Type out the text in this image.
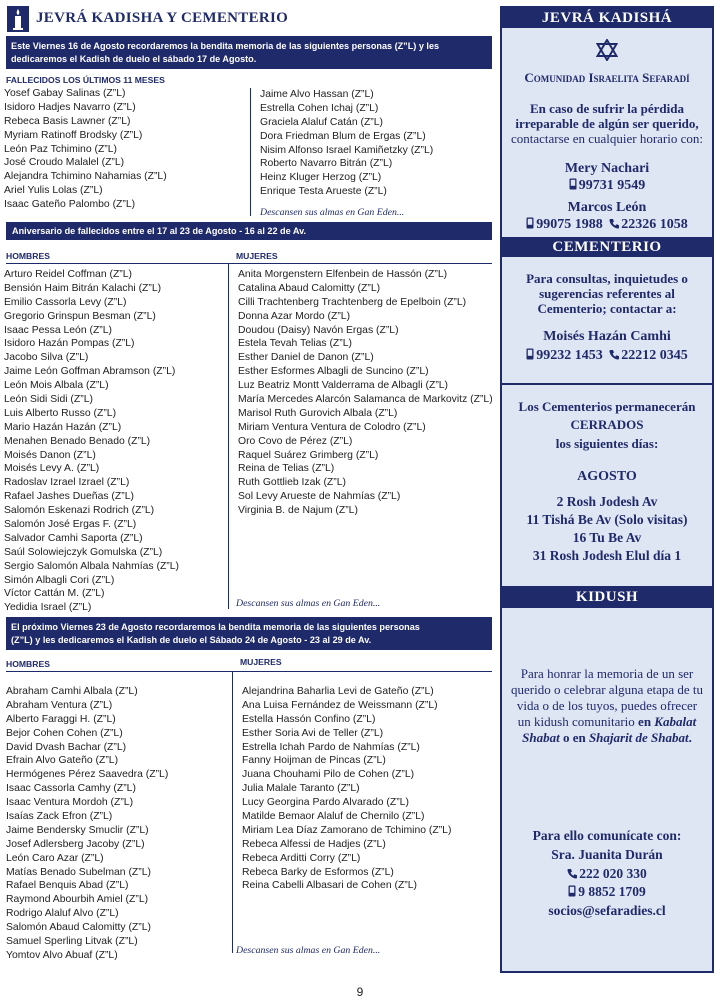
JEVRÁ KADISHA Y CEMENTERIO
Este Viernes 16 de Agosto recordaremos la bendita memoria de las siguientes personas (Z”L) y les
dedicaremos el Kadish de duelo el sábado 17 de Agosto.
FALLECIDOS LOS ÚLTIMOS 11 MESES
Yosef Gabay Salinas (Z”L)
Isidoro Hadjes Navarro (Z”L)
Rebeca Basis Lawner (Z”L)
Myriam Ratinoff Brodsky (Z”L)
León Paz Tchimino (Z”L)
José Croudo Malalel (Z”L)
Alejandra Tchimino Nahamias (Z”L)
Ariel Yulis Lolas (Z”L)
Isaac Gateño Palombo (Z”L)
Jaime Alvo Hassan (Z”L)
Estrella Cohen Ichaj (Z”L)
Graciela Alaluf Catán (Z”L)
Dora Friedman Blum de Ergas (Z”L)
Nisim Alfonso Israel Kamiñetzky (Z”L)
Roberto Navarro Bitrán (Z”L)
Heinz Kluger Herzog (Z”L)
Enrique Testa Arueste (Z”L)
Descansen sus almas en Gan Eden...
Aniversario de fallecidos entre el 17 al 23 de Agosto - 16 al 22 de Av.
HOMBRES	MUJERES
Arturo Reidel Coffman (Z”L)
Bensión Haim Bitrán Kalachi (Z”L)
Emilio Cassorla Levy (Z”L)
Gregorio Grinspun Besman (Z”L)
Isaac Pessa León (Z”L)
Isidoro Hazán Pompas (Z”L)
Jacobo Silva (Z”L)
Jaime León Goffman Abramson (Z”L)
León Mois Albala (Z”L)
León Sidi Sidi (Z”L)
Luis Alberto Russo (Z”L)
Mario Hazán Hazán (Z”L)
Menahen Benado Benado (Z”L)
Moisés Danon (Z”L)
Moisés Levy A. (Z”L)
Radoslav Izrael Izrael (Z”L)
Rafael Jashes Dueñas (Z”L)
Salomón Eskenazi Rodrich (Z”L)
Salomón José Ergas F. (Z”L)
Salvador Camhi Saporta (Z”L)
Saúl Solowiejczyk Gomulska (Z”L)
Sergio Salomón Albala Nahmías (Z”L)
Simón Albagli Cori (Z”L)
Víctor Cattán M. (Z”L)
Yedidia Israel (Z”L)
Anita Morgenstern Elfenbein de Hassón (Z”L)
Catalina Abaud Calomitty (Z”L)
Cilli Trachtenberg Trachtenberg de Epelboin (Z”L)
Donna Azar Mordo (Z”L)
Doudou (Daisy) Navón Ergas (Z”L)
Estela Tevah Telias (Z”L)
Esther Daniel de Danon (Z”L)
Esther Esformes Albagli de Suncino (Z”L)
Luz Beatriz Montt Valderrama de Albagli (Z”L)
María Mercedes Alarcón Salamanca de Markovitz (Z”L)
Marisol Ruth Gurovich Albala (Z”L)
Miriam Ventura Ventura de Colodro (Z”L)
Oro Covo de Pérez (Z”L)
Raquel Suárez Grimberg (Z”L)
Reina de Telias (Z”L)
Ruth Gottlieb Izak (Z”L)
Sol Levy Arueste de Nahmías (Z”L)
Virginia B. de Najum (Z”L)
Descansen sus almas en Gan Eden...
El próximo Viernes 23 de Agosto recordaremos la bendita memoria de las siguientes personas
(Z”L) y les dedicaremos el Kadish de duelo el Sábado 24 de Agosto - 23 al 29 de Av.
HOMBRES	MUJERES
Abraham Camhi Albala (Z”L)
Abraham Ventura (Z”L)
Alberto Faraggi H. (Z”L)
Bejor Cohen Cohen (Z”L)
David Dvash Bachar (Z”L)
Efrain Alvo Gateño (Z”L)
Hermógenes Pérez Saavedra (Z”L)
Isaac Cassorla Camhy (Z”L)
Isaac Ventura Mordoh (Z”L)
Isaías Zack Efron (Z”L)
Jaime Bendersky Smuclir (Z”L)
Josef Adlersberg Jacoby (Z”L)
León Caro Azar (Z”L)
Matías Benado Subelman (Z”L)
Rafael Benquis Abad (Z”L)
Raymond Abourbih Amiel (Z”L)
Rodrigo Alaluf Alvo (Z”L)
Salomón Abaud Calomitty (Z”L)
Samuel Sperling Litvak (Z”L)
Yomtov Alvo Abuaf (Z”L)
Alejandrina Baharlia Levi de Gateño (Z”L)
Ana Luisa Fernández de Weissmann (Z”L)
Estella Hassón Confino (Z”L)
Esther Soria Avi de Teller (Z”L)
Estrella Ichah Pardo de Nahmías (Z”L)
Fanny Hoijman de Pincas (Z”L)
Juana Chouhami Pilo de Cohen (Z”L)
Julia Malale Taranto (Z”L)
Lucy Georgina Pardo Alvarado (Z”L)
Matilde Bemaor Alaluf de Chernilo (Z”L)
Miriam Lea Díaz Zamorano de Tchimino (Z”L)
Rebeca Alfessi de Hadjes (Z”L)
Rebeca Arditti Corry (Z”L)
Rebeca Barky de Esformos (Z”L)
Reina Cabelli Albasari de Cohen (Z”L)
Descansen sus almas en Gan Eden...
9
JEVRÁ KADISHÁ
Comunidad Israelita Sefaradí
En caso de sufrir la pérdida irreparable de algún ser querido, contactarse en cualquier horario con:
Mery Nachari
99731 9549
Marcos León
99075 1988 22326 1058
CEMENTERIO
Para consultas, inquietudes o sugerencias referentes al Cementerio; contactar a:
Moisés Hazán Camhi
99232 1453 22212 0345
Los Cementerios permanecerán
CERRADOS
los siguientes días:
AGOSTO
2 Rosh Jodesh Av
11 Tishá Be Av (Solo visitas)
16 Tu Be Av
31 Rosh Jodesh Elul día 1
KIDUSH
Para honrar la memoria de un ser querido o celebrar alguna etapa de tu vida o de los tuyos, puedes ofrecer un kidush comunitario en Kabalat Shabat o en Shajarit de Shabat.
Para ello comunícate con:
Sra. Juanita Durán
222 020 330
9 8852 1709
socios@sefaradies.cl
